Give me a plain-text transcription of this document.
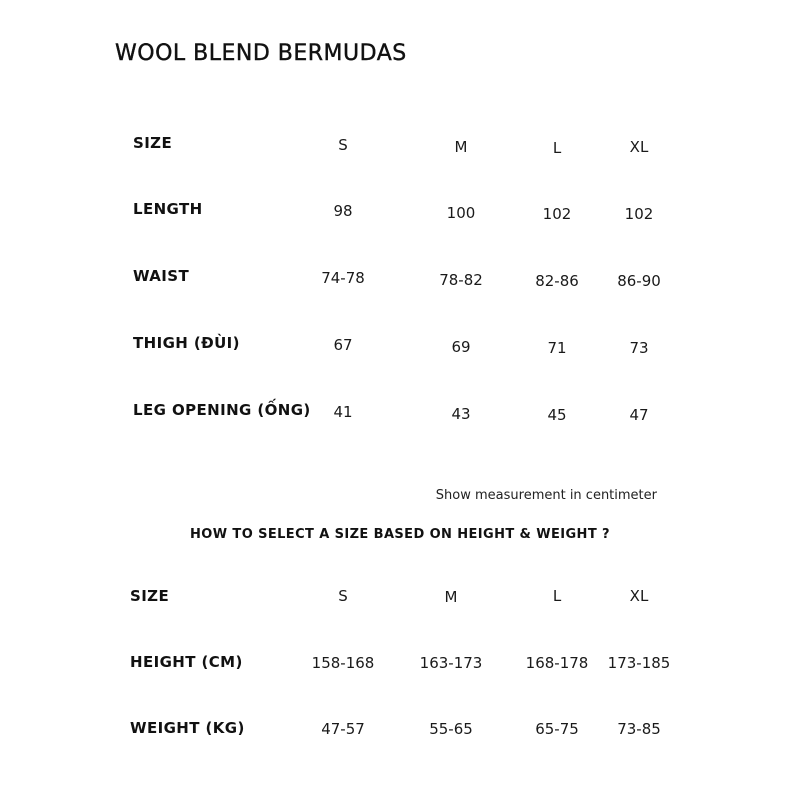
WOOL BLEND BERMUDAS
SIZE	S	M	L	XL
LENGTH	98	100	102	102
WAIST	74-78	78-82	82-86	86-90
THIGH (ĐÙI)	67	69	71	73
LEG OPENING (ỐNG) 41	43	45	47
Show measurement in centimeter
HOW TO SELECT A SIZE BASED ON HEIGHT & WEIGHT ?
SIZE	S	M	L	XL
HEIGHT (CM)	158-168	163-173	168-178 173-185
WEIGHT (KG)	47-57	55-65	65-75	73-85
